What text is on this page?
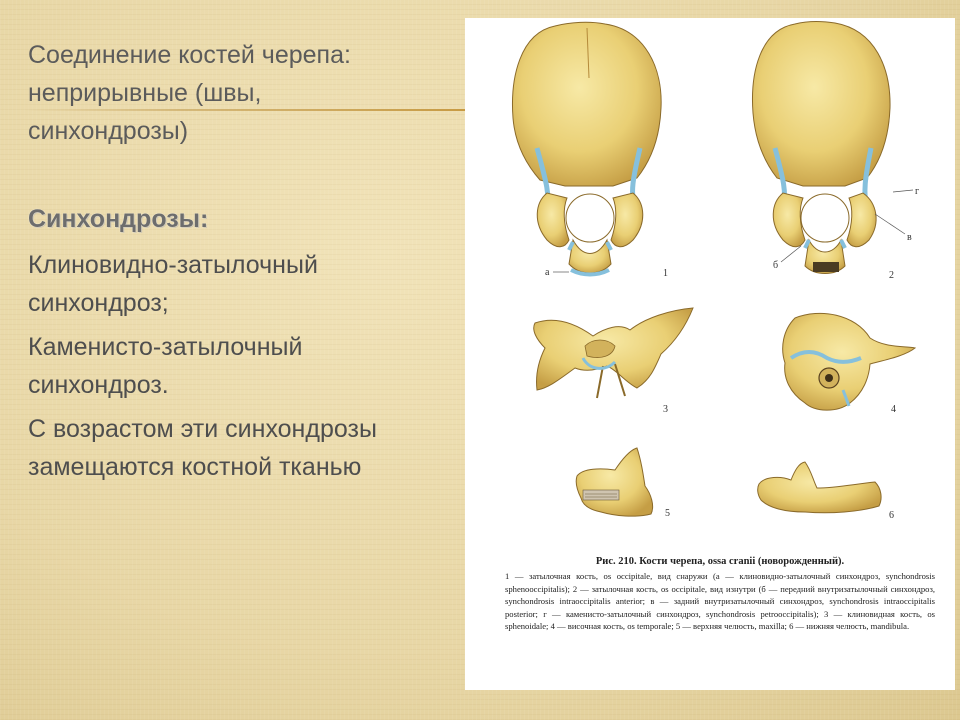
Соединение костей черепа:
неприрывные (швы,
синхондрозы)
Синхондрозы:
Клиновидно-затылочный
синхондроз;
Каменисто-затылочный
синхондроз.
С возрастом эти синхондрозы
замещаются костной тканью
а	1
г
в
б
2
3	4
5	6
Рис. 210. Кости черепа, ossa cranii (новорожденный).
1 — затылочная кость, os occipitale, вид снаружи (а — клиновидно-затылочный синхондроз, synchondrosis sphenooccipitalis); 2 — затылочная кость, os occipitale, вид изнутри (б — передний внутризатылочный синхондроз, synchondrosis intraoccipitalis anterior; в — задний внутризатылочный синхондроз, synchondrosis intraoccipitalis posterior; г — каменисто-затылочный синхондроз, synchondrosis petrooccipitalis); 3 — клиновидная кость, os sphenoidale; 4 — височная кость, os temporale; 5 — верхняя челюсть, maxilla; 6 — нижняя челюсть, mandibula.
